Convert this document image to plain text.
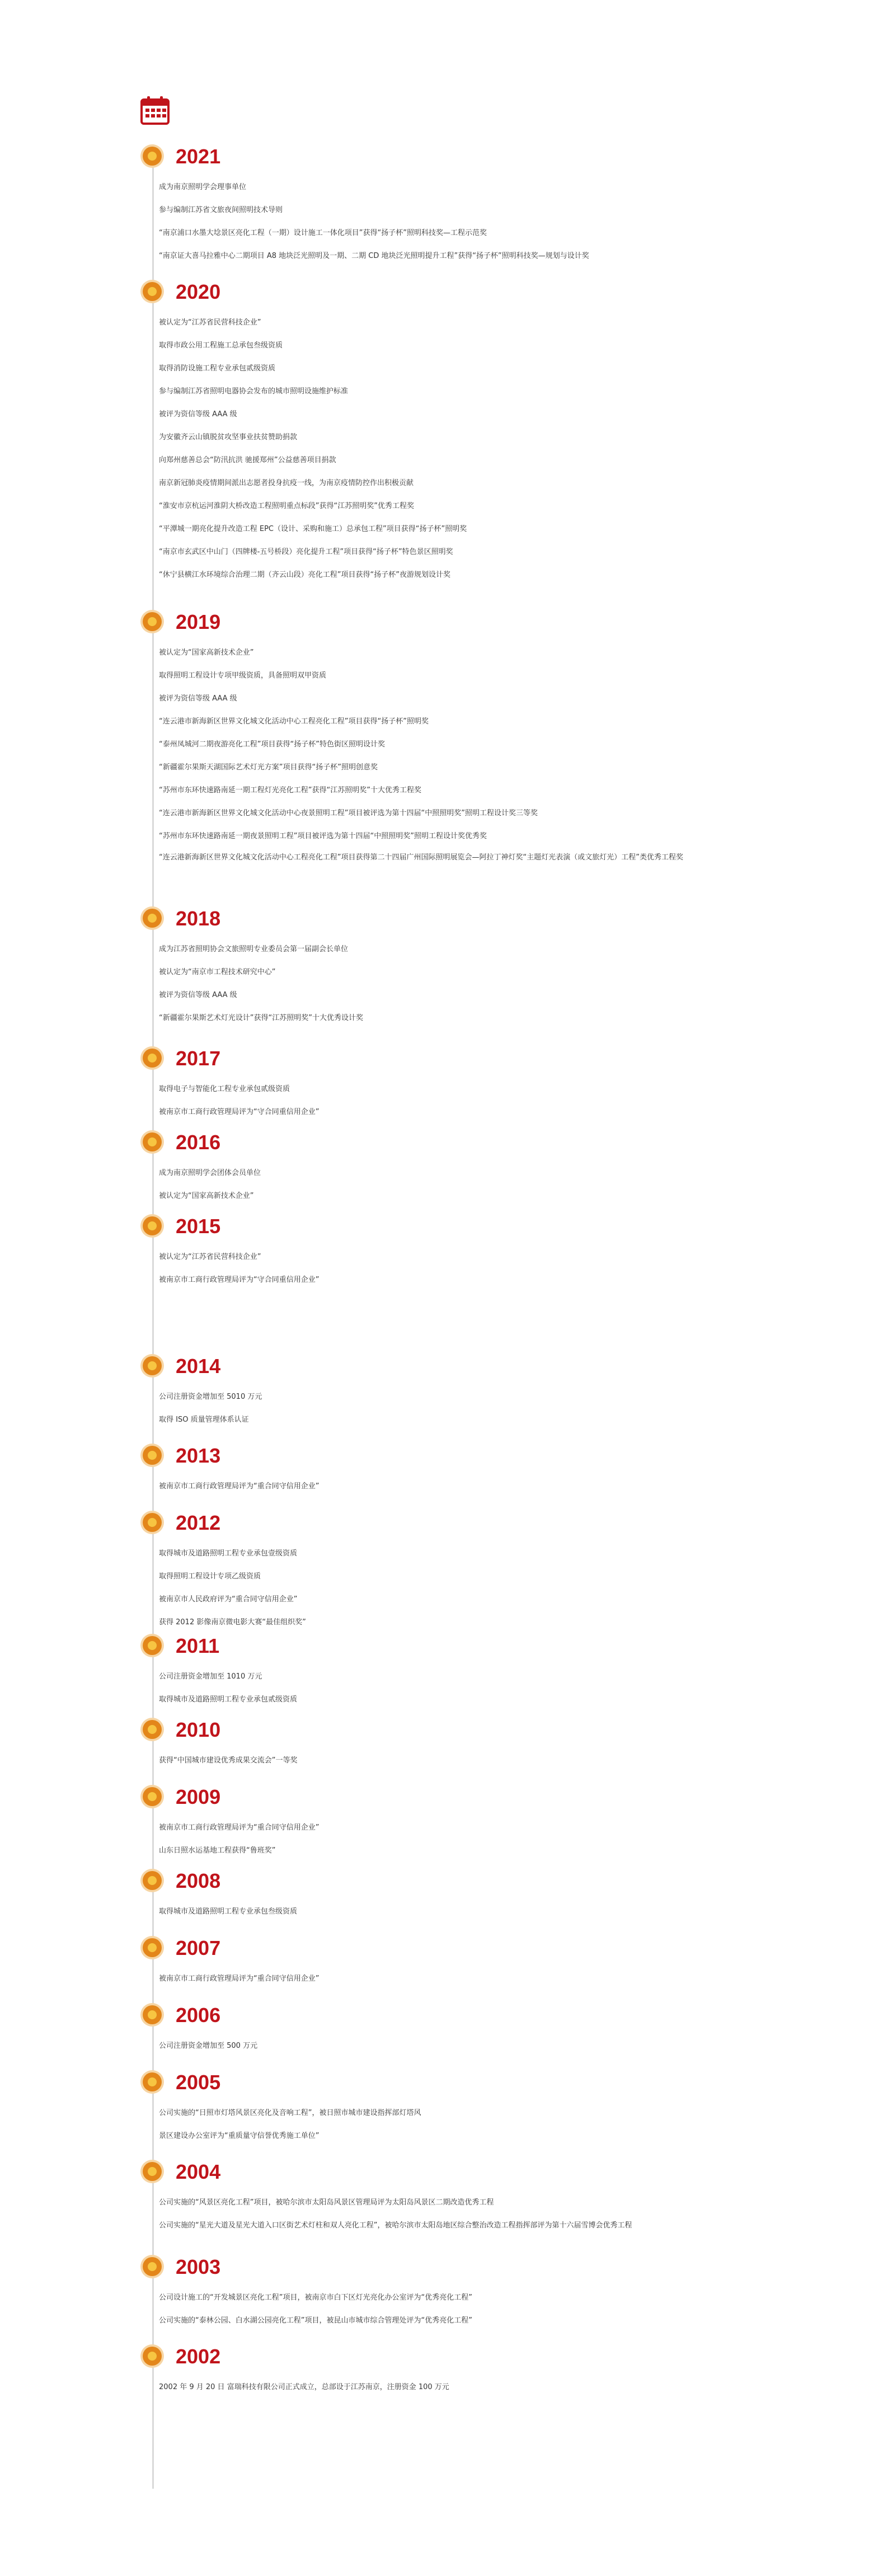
2021
成为南京照明学会理事单位
参与编制江苏省文旅夜间照明技术导则
“南京浦口水墨大埝景区亮化工程（一期）设计施工一体化项目”获得“扬子杯”照明科技奖—工程示范奖
“南京证大喜马拉雅中心二期项目 A8 地块泛光照明及一期、二期 CD 地块泛光照明提升工程”获得“扬子杯”照明科技奖—规划与设计奖
2020
被认定为“江苏省民营科技企业”
取得市政公用工程施工总承包叁级资质
取得消防设施工程专业承包贰级资质
参与编制江苏省照明电器协会发布的城市照明设施维护标准
被评为资信等级 AAA 级
为安徽齐云山镇脱贫攻坚事业扶贫赞助捐款
向郑州慈善总会“防汛抗洪 驰援郑州”公益慈善项目捐款
南京新冠肺炎疫情期间派出志愿者投身抗疫一线，为南京疫情防控作出积极贡献
“淮安市京杭运河淮阴大桥改造工程照明重点标段”获得“江苏照明奖”优秀工程奖
“平潭城一期亮化提升改造工程 EPC（设计、采购和施工）总承包工程”项目获得“扬子杯”照明奖
“南京市玄武区中山门（四牌楼-五号桥段）亮化提升工程”项目获得“扬子杯”特色景区照明奖
“休宁县横江水环境综合治理二期（齐云山段）亮化工程”项目获得“扬子杯”夜游规划设计奖
2019
被认定为“国家高新技术企业”
取得照明工程设计专项甲级资质，具备照明双甲资质
被评为资信等级 AAA 级
“连云港市新海新区世界文化城文化活动中心工程亮化工程”项目获得“扬子杯”照明奖
“泰州凤城河二期夜游亮化工程”项目获得“扬子杯”特色街区照明设计奖
“新疆霍尔果斯天湖国际艺术灯光方案”项目获得“扬子杯”照明创意奖
“苏州市东环快速路南延一期工程灯光亮化工程”获得“江苏照明奖”十大优秀工程奖
“连云港市新海新区世界文化城文化活动中心夜景照明工程”项目被评选为第十四届“中照照明奖”照明工程设计奖三等奖
“苏州市东环快速路南延一期夜景照明工程”项目被评选为第十四届“中照照明奖”照明工程设计奖优秀奖
“连云港新海新区世界文化城文化活动中心工程亮化工程”项目获得第二十四届广州国际照明展览会—阿拉丁神灯奖“主题灯光表演（或文旅灯光）工程”类优秀工程奖
2018
成为江苏省照明协会文旅照明专业委员会第一届副会长单位
被认定为“南京市工程技术研究中心”
被评为资信等级 AAA 级
“新疆霍尔果斯艺术灯光设计”获得“江苏照明奖”十大优秀设计奖
2017
取得电子与智能化工程专业承包贰级资质
被南京市工商行政管理局评为“守合同重信用企业”
2016
成为南京照明学会团体会员单位
被认定为“国家高新技术企业”
2015
被认定为“江苏省民营科技企业”
被南京市工商行政管理局评为“守合同重信用企业”
2014
公司注册资金增加至 5010 万元
取得 ISO 质量管理体系认证
2013
被南京市工商行政管理局评为“重合同守信用企业”
2012
取得城市及道路照明工程专业承包壹级资质
取得照明工程设计专项乙级资质
被南京市人民政府评为“重合同守信用企业”
获得 2012 影像南京微电影大赛“最佳组织奖”
2011
公司注册资金增加至 1010 万元
取得城市及道路照明工程专业承包贰级资质
2010
获得“中国城市建设优秀成果交流会”一等奖
2009
被南京市工商行政管理局评为“重合同守信用企业”
山东日照水运基地工程获得“鲁班奖”
2008
取得城市及道路照明工程专业承包叁级资质
2007
被南京市工商行政管理局评为“重合同守信用企业”
2006
公司注册资金增加至 500 万元
2005
公司实施的“日照市灯塔风景区亮化及音响工程”，被日照市城市建设指挥部灯塔风
景区建设办公室评为“重质量守信誉优秀施工单位”
2004
公司实施的“风景区亮化工程”项目，被哈尔滨市太阳岛风景区管理局评为太阳岛风景区二期改造优秀工程
公司实施的“星光大道及星光大道入口区街艺术灯柱和双人亮化工程”，被哈尔滨市太阳岛地区综合整治改造工程指挥部评为第十六届雪博会优秀工程
2003
公司设计施工的“开发城景区亮化工程”项目，被南京市白下区灯光亮化办公室评为“优秀亮化工程”
公司实施的“泰林公园、白水湖公园亮化工程”项目，被昆山市城市综合管理处评为“优秀亮化工程”
2002
2002 年 9 月 20 日 富瑞科技有限公司正式成立，总部设于江苏南京，注册资金 100 万元
